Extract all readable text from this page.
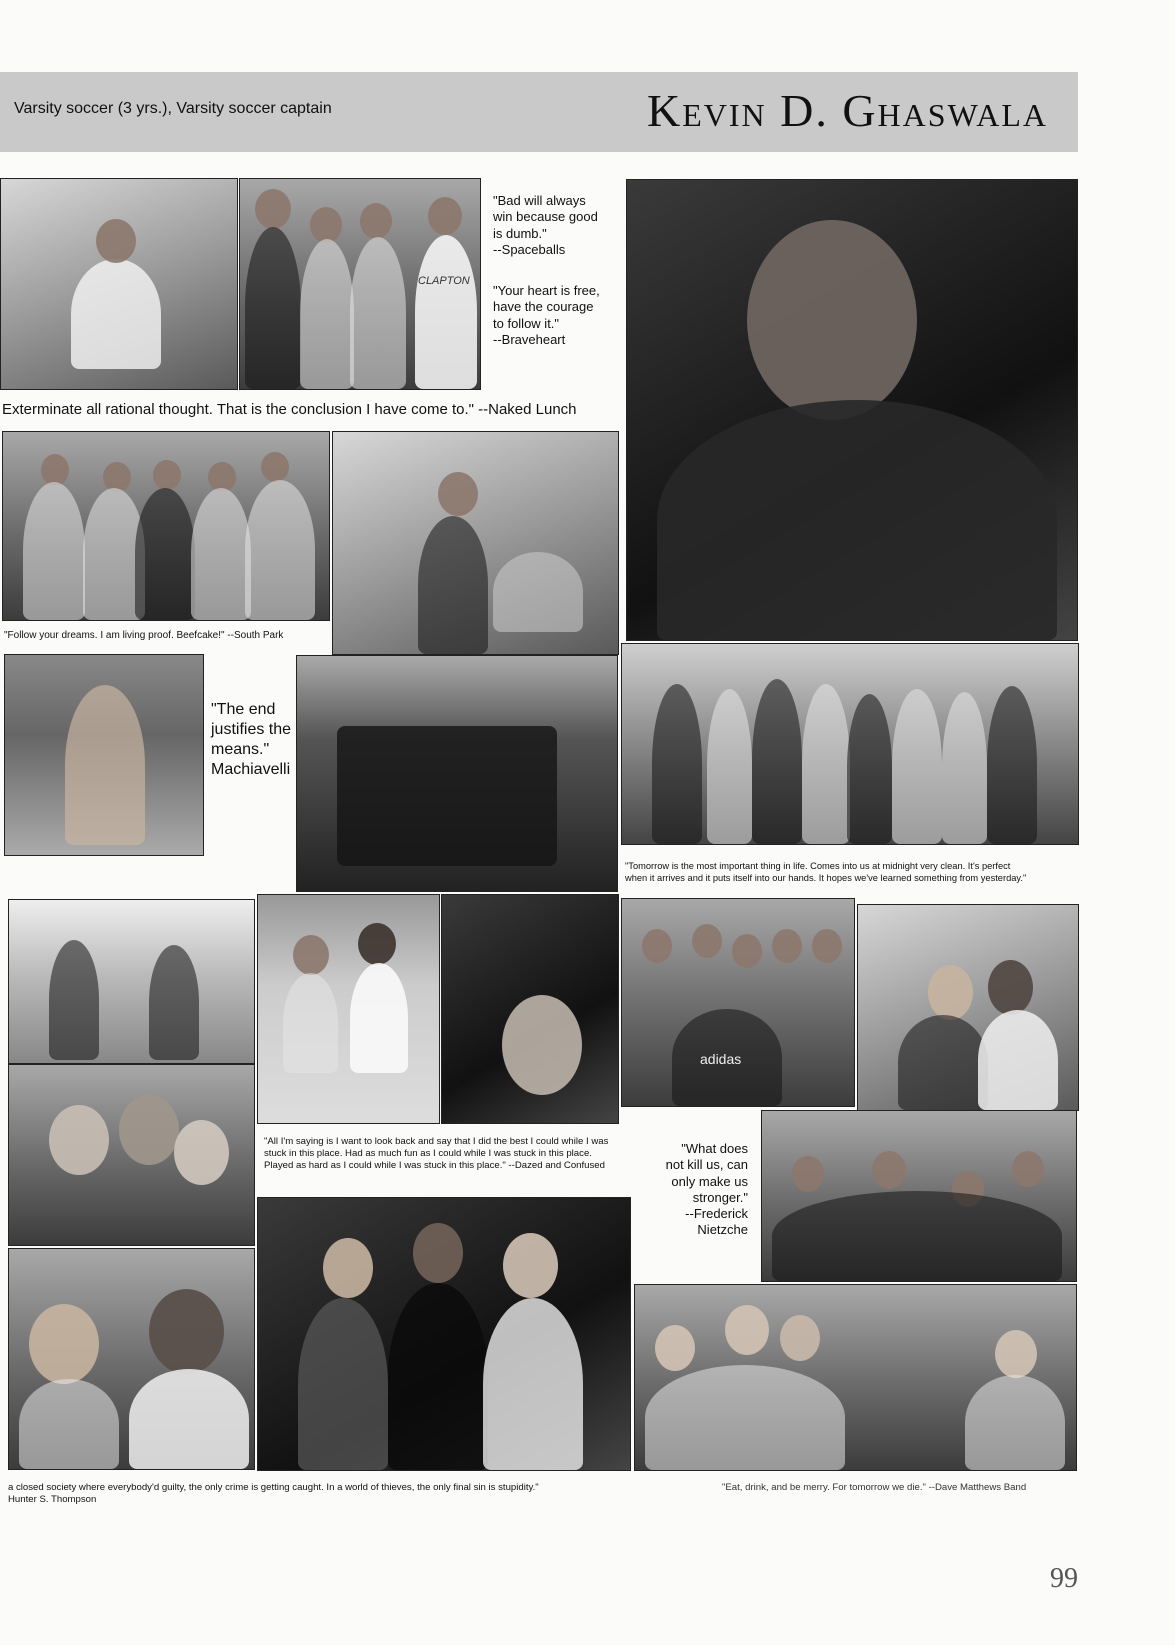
Varsity soccer (3 yrs.), Varsity soccer captain	Kevin D. Ghaswala
CLAPTON
"Bad will always
win because good
is dumb."
--Spaceballs
"Your heart is free,
have the courage
to follow it."
--Braveheart
Exterminate all rational thought. That is the conclusion I have come to." --Naked Lunch
"Follow your dreams. I am living proof. Beefcake!" --South Park
"The end
justifies the
means."
Machiavelli
"Tomorrow is the most important thing in life. Comes into us at midnight very clean. It's perfect
when it arrives and it puts itself into our hands. It hopes we've learned something from yesterday."
"All I'm saying is I want to look back and say that I did the best I could while I was
stuck in this place. Had as much fun as I could while I was stuck in this place.
Played as hard as I could while I was stuck in this place." --Dazed and Confused
adidas
"What does
not kill us, can
only make us
stronger."
--Frederick
Nietzche
a closed society where everybody'd guilty, the only crime is getting caught. In a world of thieves, the only final sin is stupidity."
Hunter S. Thompson
"Eat, drink, and be merry. For tomorrow we die." --Dave Matthews Band
99
